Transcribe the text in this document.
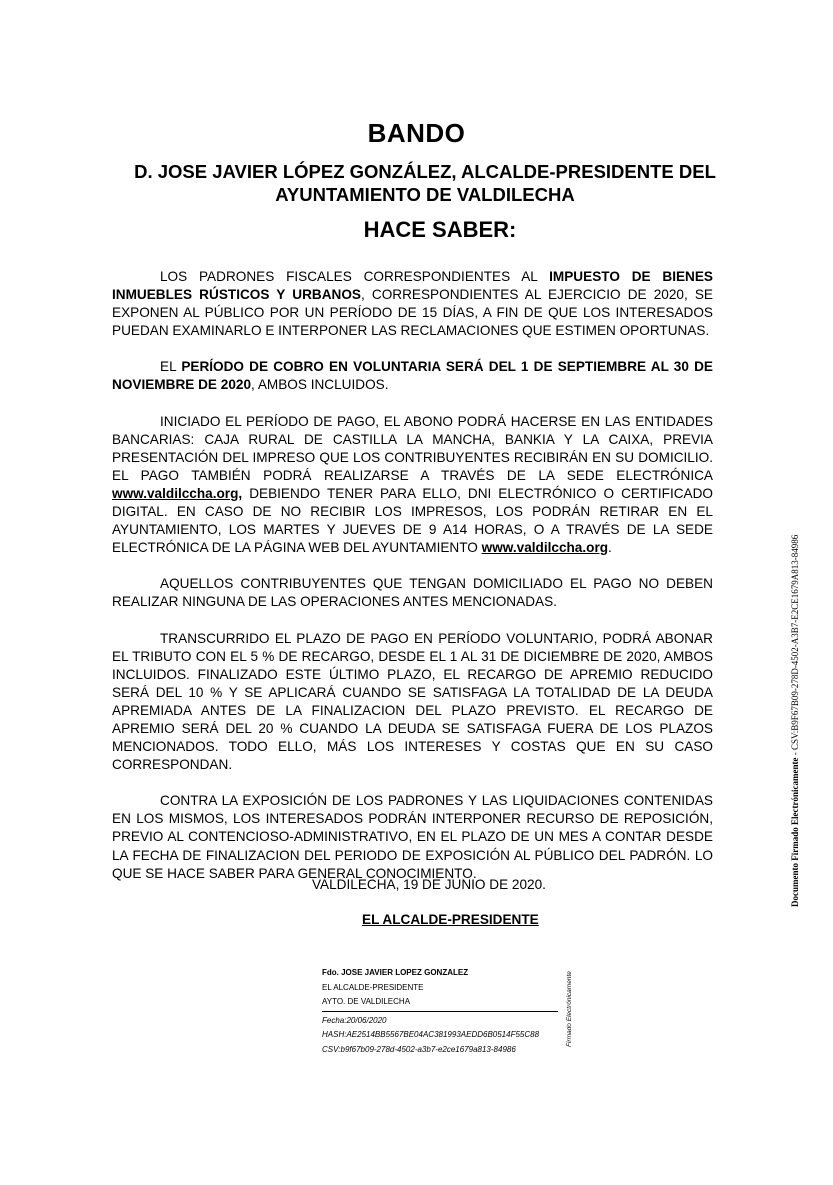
BANDO
D. JOSE JAVIER LÓPEZ GONZÁLEZ, ALCALDE-PRESIDENTE DEL
AYUNTAMIENTO DE VALDILECHA
HACE SABER:

LOS PADRONES FISCALES CORRESPONDIENTES AL IMPUESTO DE BIENES INMUEBLES RÚSTICOS Y URBANOS, CORRESPONDIENTES AL EJERCICIO DE 2020, SE EXPONEN AL PÚBLICO POR UN PERÍODO DE 15 DÍAS, A FIN DE QUE LOS INTERESADOS PUEDAN EXAMINARLO E INTERPONER LAS RECLAMACIONES QUE ESTIMEN OPORTUNAS.

EL PERÍODO DE COBRO EN VOLUNTARIA SERÁ DEL 1 DE SEPTIEMBRE AL 30 DE NOVIEMBRE DE 2020, AMBOS INCLUIDOS.

INICIADO EL PERÍODO DE PAGO, EL ABONO PODRÁ HACERSE EN LAS ENTIDADES BANCARIAS: CAJA RURAL DE CASTILLA LA MANCHA, BANKIA Y LA CAIXA, PREVIA PRESENTACIÓN DEL IMPRESO QUE LOS CONTRIBUYENTES RECIBIRÁN EN SU DOMICILIO. EL PAGO TAMBIÉN PODRÁ REALIZARSE A TRAVÉS DE LA SEDE ELECTRÓNICA www.valdilccha.org, DEBIENDO TENER PARA ELLO, DNI ELECTRÓNICO O CERTIFICADO DIGITAL. EN CASO DE NO RECIBIR LOS IMPRESOS, LOS PODRÁN RETIRAR EN EL AYUNTAMIENTO, LOS MARTES Y JUEVES DE 9 A14 HORAS, O A TRAVÉS DE LA SEDE ELECTRÓNICA DE LA PÁGINA WEB DEL AYUNTAMIENTO www.valdilccha.org.

AQUELLOS CONTRIBUYENTES QUE TENGAN DOMICILIADO EL PAGO NO DEBEN REALIZAR NINGUNA DE LAS OPERACIONES ANTES MENCIONADAS.

TRANSCURRIDO EL PLAZO DE PAGO EN PERÍODO VOLUNTARIO, PODRÁ ABONAR EL TRIBUTO CON EL 5 % DE RECARGO, DESDE EL 1 AL 31 DE DICIEMBRE DE 2020, AMBOS INCLUIDOS. FINALIZADO ESTE ÚLTIMO PLAZO, EL RECARGO DE APREMIO REDUCIDO SERÁ DEL 10 % Y SE APLICARÁ CUANDO SE SATISFAGA LA TOTALIDAD DE LA DEUDA APREMIADA ANTES DE LA FINALIZACION DEL PLAZO PREVISTO. EL RECARGO DE APREMIO SERÁ DEL 20 % CUANDO LA DEUDA SE SATISFAGA FUERA DE LOS PLAZOS MENCIONADOS. TODO ELLO, MÁS LOS INTERESES Y COSTAS QUE EN SU CASO CORRESPONDAN.

CONTRA LA EXPOSICIÓN DE LOS PADRONES Y LAS LIQUIDACIONES CONTENIDAS EN LOS MISMOS, LOS INTERESADOS PODRÁN INTERPONER RECURSO DE REPOSICIÓN, PREVIO AL CONTENCIOSO-ADMINISTRATIVO, EN EL PLAZO DE UN MES A CONTAR DESDE LA FECHA DE FINALIZACION DEL PERIODO DE EXPOSICIÓN AL PÚBLICO DEL PADRÓN. LO QUE SE HACE SABER PARA GENERAL CONOCIMIENTO.

VALDILECHA, 19 DE JUNIO DE 2020.
EL ALCALDE-PRESIDENTE
Fdo. JOSE JAVIER LOPEZ GONZALEZ
EL ALCALDE-PRESIDENTE
AYTO. DE VALDILECHA
Fecha:20/06/2020
HASH:AE2514BB5567BE04AC381993AEDD6B0514F55C88
CSV:b9f67b09-278d-4502-a3b7-e2ce1679a813-84986
Firmado Electrónicamente
Documento Firmado Electrónicamente - CSV:B9F67B09-278D-4502-A3B7-E2CE1679A813-84986
